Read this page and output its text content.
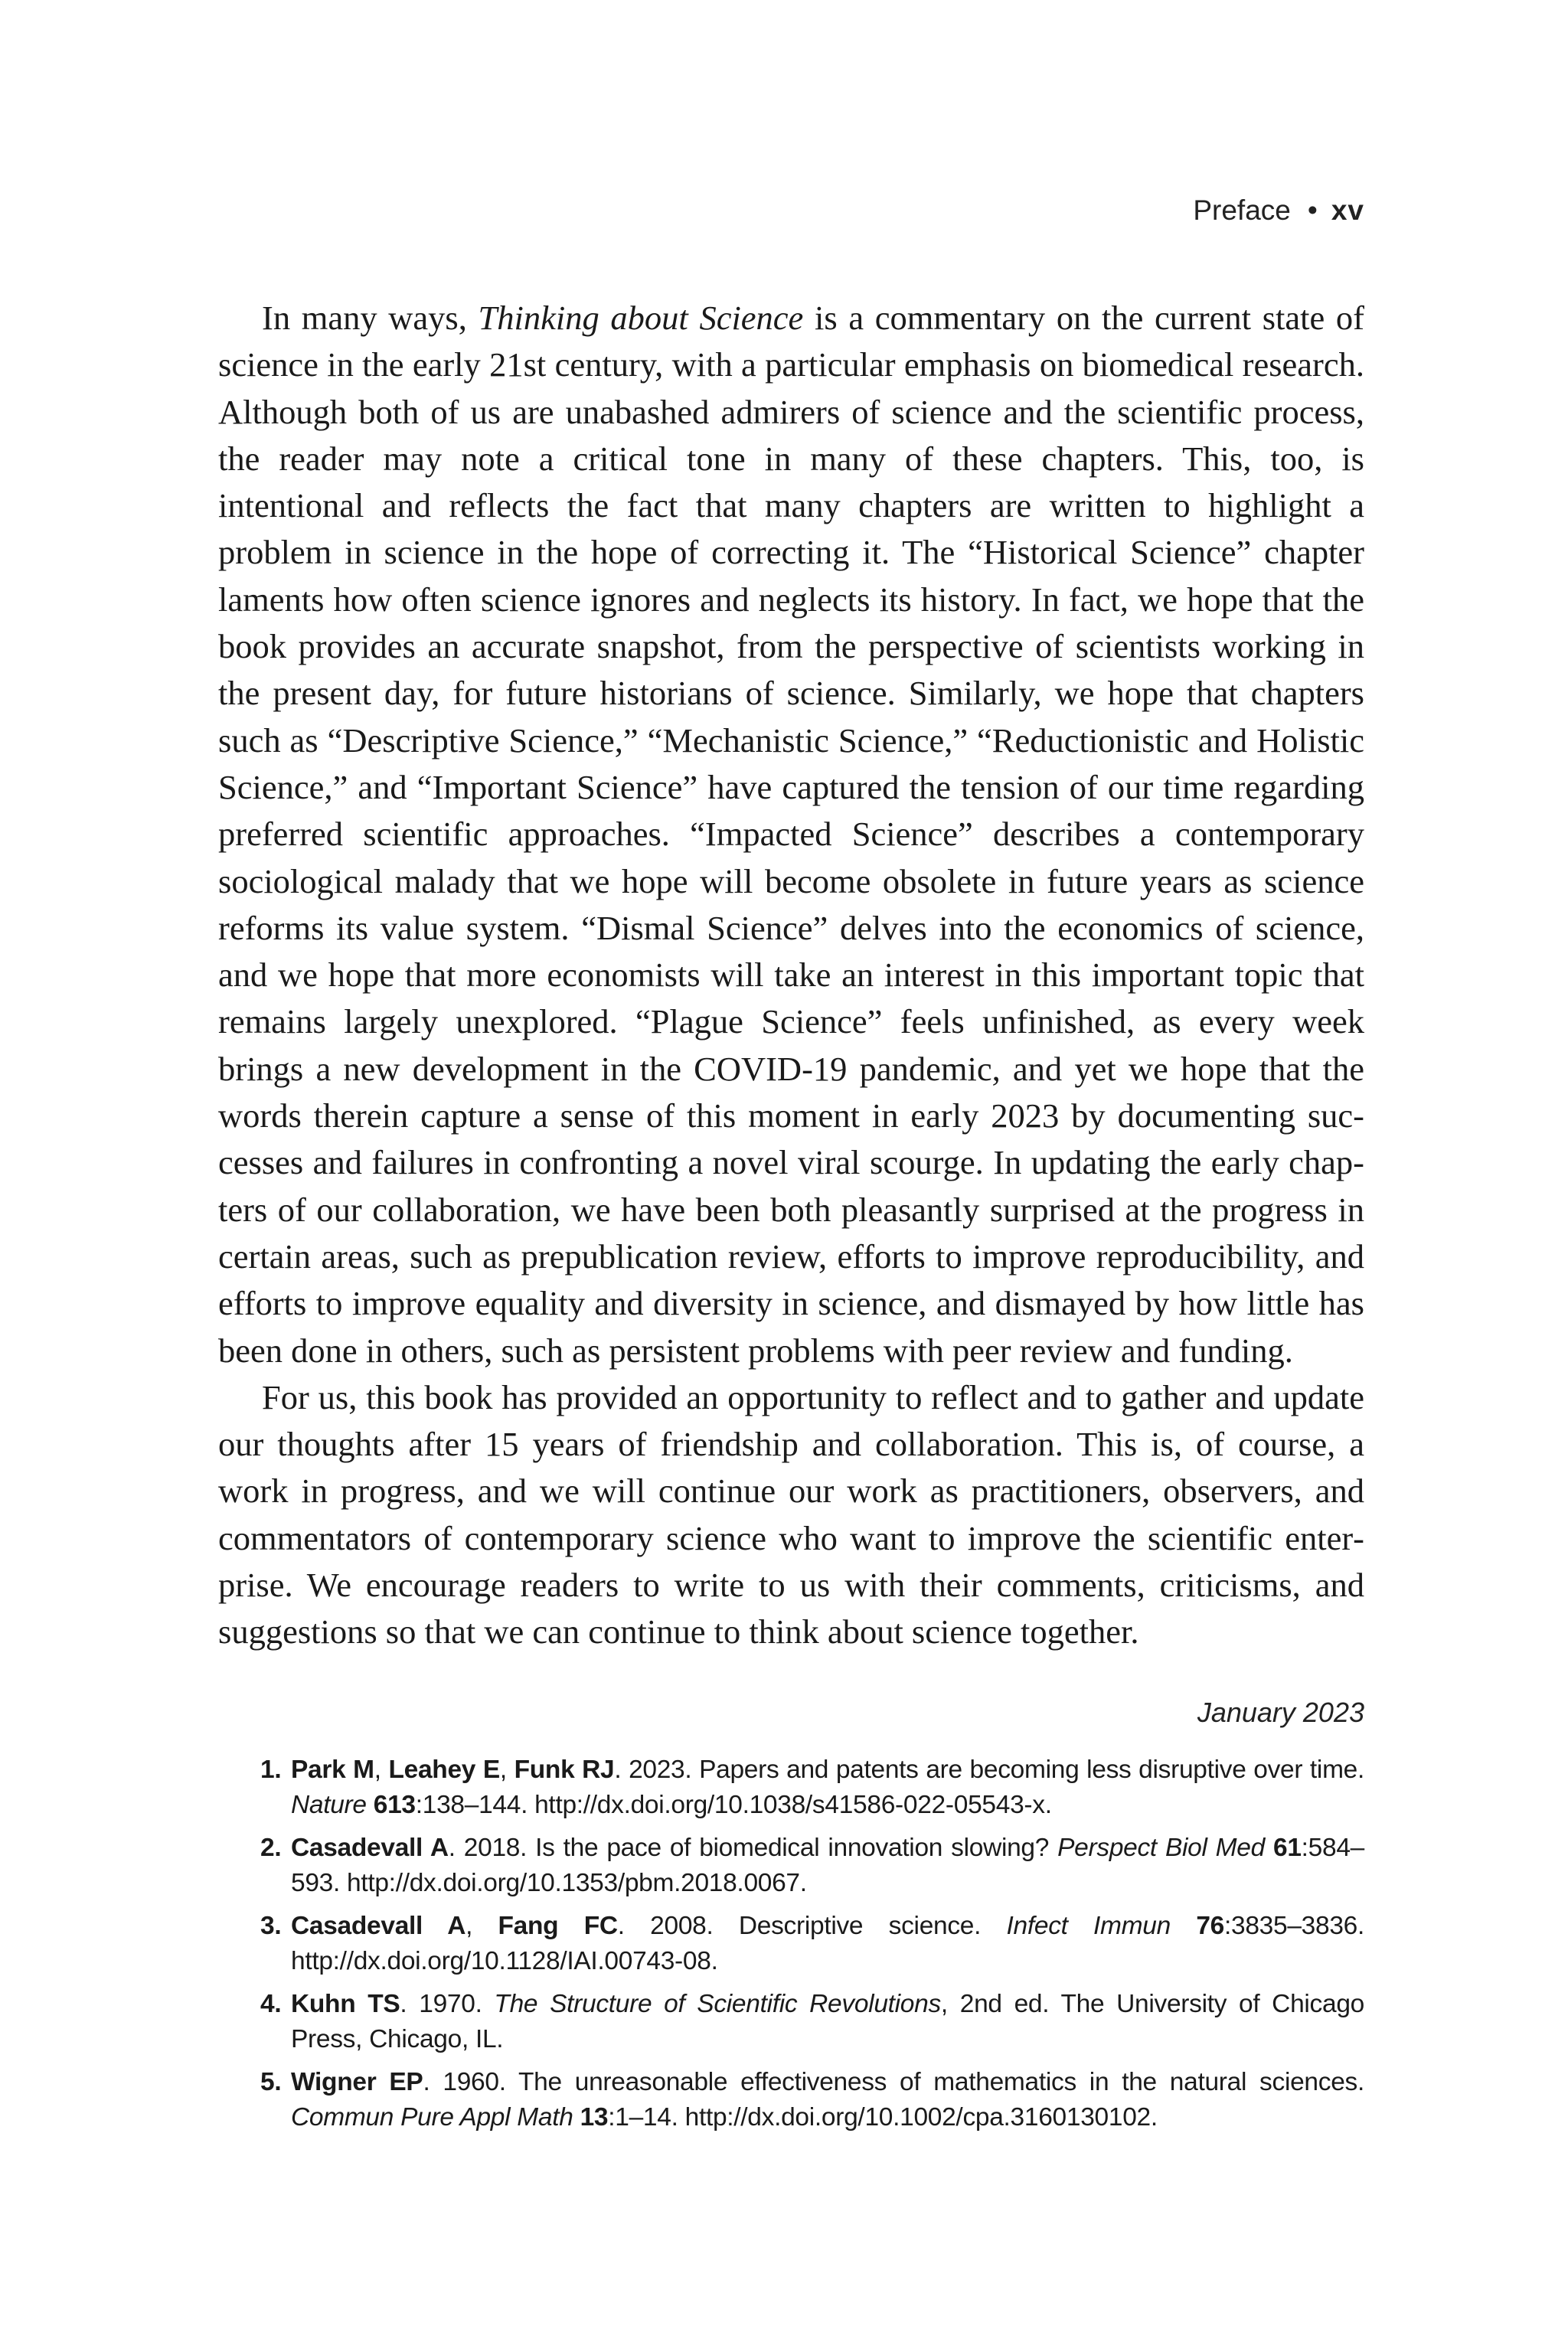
Preface • xv

In many ways, Thinking about Science is a commentary on the current state of science in the early 21st century, with a particular emphasis on biomedical research. Although both of us are unabashed admirers of science and the scientific process, the reader may note a critical tone in many of these chapters. This, too, is intentional and reflects the fact that many chapters are written to highlight a problem in science in the hope of correcting it. The “Historical Science” chapter laments how often science ignores and neglects its history. In fact, we hope that the book provides an accurate snapshot, from the perspective of scientists working in the present day, for future historians of science. Similarly, we hope that chapters such as “Descriptive Science,” “Mechanistic Science,” “Reductionistic and Holistic Science,” and “Important Science” have captured the tension of our time regarding preferred scientific approaches. “Impacted Science” describes a contemporary sociological malady that we hope will become obsolete in future years as science reforms its value system. “Dismal Science” delves into the economics of science, and we hope that more economists will take an interest in this important topic that remains largely unexplored. “Plague Science” feels unfinished, as every week brings a new development in the COVID-19 pandemic, and yet we hope that the words therein capture a sense of this moment in early 2023 by documenting successes and failures in confronting a novel viral scourge. In updating the early chapters of our collaboration, we have been both pleasantly surprised at the progress in certain areas, such as prepublication review, efforts to improve reproducibility, and efforts to improve equality and diversity in science, and dismayed by how little has been done in others, such as persistent problems with peer review and funding.

For us, this book has provided an opportunity to reflect and to gather and update our thoughts after 15 years of friendship and collaboration. This is, of course, a work in progress, and we will continue our work as practitioners, observers, and commentators of contemporary science who want to improve the scientific enterprise. We encourage readers to write to us with their comments, criticisms, and suggestions so that we can continue to think about science together.

January 2023
1. Park M, Leahey E, Funk RJ. 2023. Papers and patents are becoming less disruptive over time. Nature 613:138–144. http://dx.doi.org/10.1038/s41586-022-05543-x.
2. Casadevall A. 2018. Is the pace of biomedical innovation slowing? Perspect Biol Med 61:584–593. http://dx.doi.org/10.1353/pbm.2018.0067.
3. Casadevall A, Fang FC. 2008. Descriptive science. Infect Immun 76:3835–3836. http://dx.doi.org/10.1128/IAI.00743-08.
4. Kuhn TS. 1970. The Structure of Scientific Revolutions, 2nd ed. The University of Chicago Press, Chicago, IL.
5. Wigner EP. 1960. The unreasonable effectiveness of mathematics in the natural sciences. Commun Pure Appl Math 13:1–14. http://dx.doi.org/10.1002/cpa.3160130102.
